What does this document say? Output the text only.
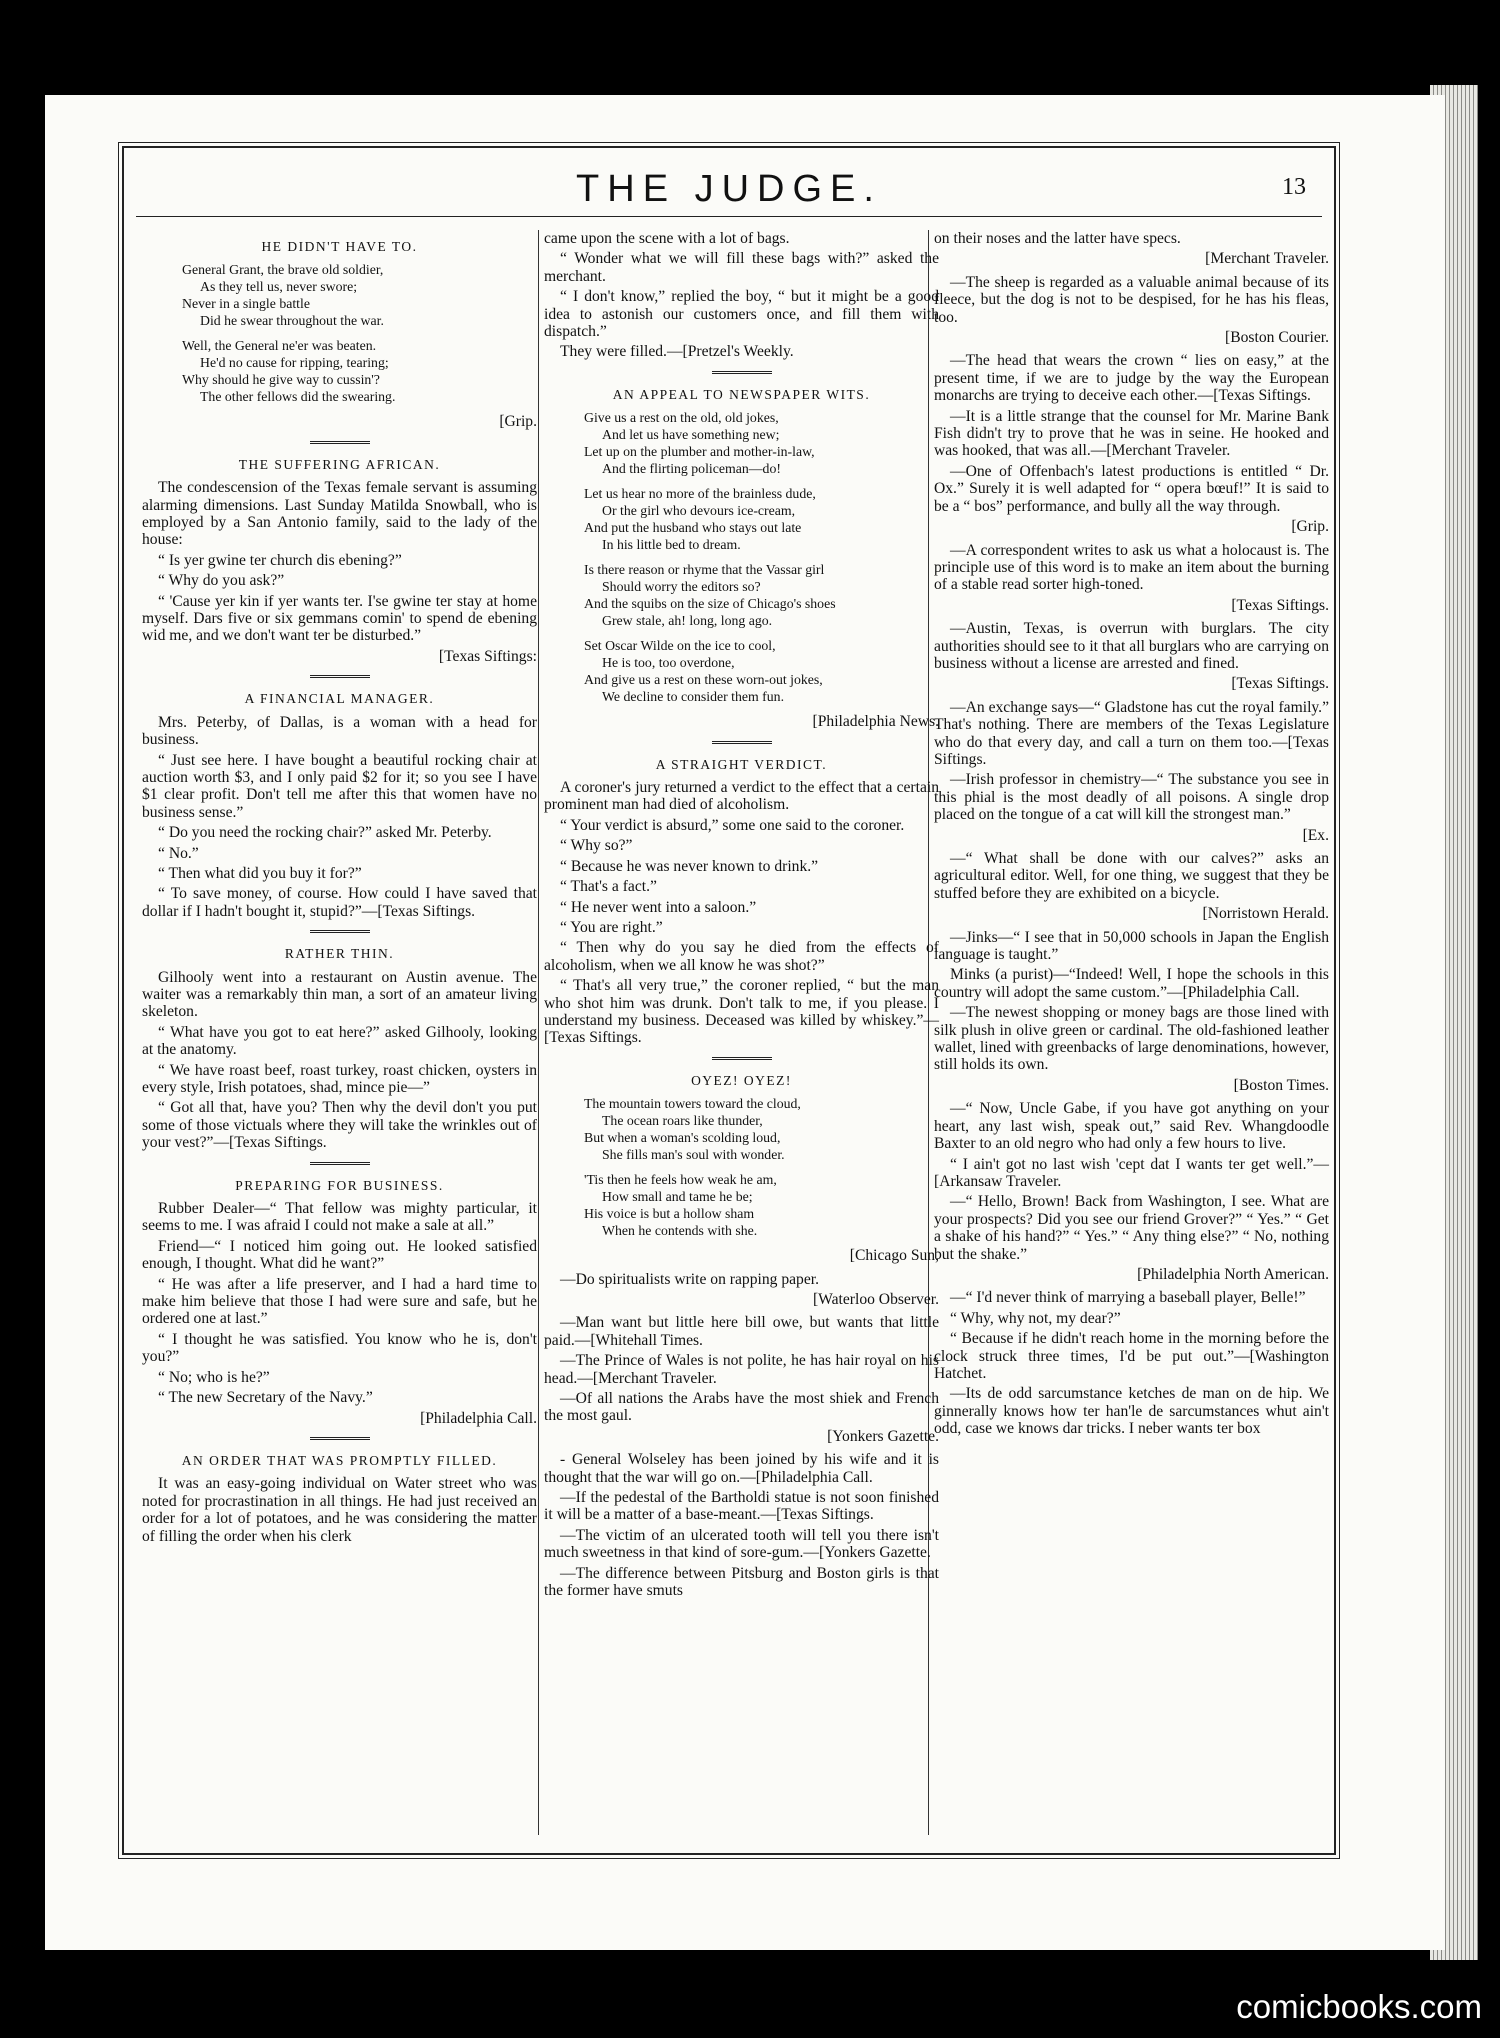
THE JUDGE.	13
HE DIDN'T HAVE TO.
General Grant, the brave old soldier,
As they tell us, never swore;
Never in a single battle
Did he swear throughout the war.
Well, the General ne'er was beaten.
He'd no cause for ripping, tearing;
Why should he give way to cussin'?
The other fellows did the swearing.
[Grip.
THE SUFFERING AFRICAN.

The condescension of the Texas female servant is assuming alarming dimensions. Last Sunday Matilda Snowball, who is employed by a San Antonio family, said to the lady of the house:

“ Is yer gwine ter church dis ebening?”

“ Why do you ask?”

“ 'Cause yer kin if yer wants ter. I'se gwine ter stay at home myself. Dars five or six gemmans comin' to spend de ebening wid me, and we don't want ter be disturbed.”

[Texas Siftings:
A FINANCIAL MANAGER.

Mrs. Peterby, of Dallas, is a woman with a head for business.

“ Just see here. I have bought a beautiful rocking chair at auction worth $3, and I only paid $2 for it; so you see I have $1 clear profit. Don't tell me after this that women have no business sense.”

“ Do you need the rocking chair?” asked Mr. Peterby.

“ No.”

“ Then what did you buy it for?”

“ To save money, of course. How could I have saved that dollar if I hadn't bought it, stupid?”—[Texas Siftings.

RATHER THIN.

Gilhooly went into a restaurant on Austin avenue. The waiter was a remarkably thin man, a sort of an amateur living skeleton.

“ What have you got to eat here?” asked Gilhooly, looking at the anatomy.

“ We have roast beef, roast turkey, roast chicken, oysters in every style, Irish potatoes, shad, mince pie—”

“ Got all that, have you? Then why the devil don't you put some of those victuals where they will take the wrinkles out of your vest?”—[Texas Siftings.

PREPARING FOR BUSINESS.

Rubber Dealer—“ That fellow was mighty particular, it seems to me. I was afraid I could not make a sale at all.”

Friend—“ I noticed him going out. He looked satisfied enough, I thought. What did he want?”

“ He was after a life preserver, and I had a hard time to make him believe that those I had were sure and safe, but he ordered one at last.”

“ I thought he was satisfied. You know who he is, don't you?”

“ No; who is he?”

“ The new Secretary of the Navy.”

[Philadelphia Call.
AN ORDER THAT WAS PROMPTLY FILLED.

It was an easy-going individual on Water street who was noted for procrastination in all things. He had just received an order for a lot of potatoes, and he was considering the matter of filling the order when his clerk

came upon the scene with a lot of bags.

“ Wonder what we will fill these bags with?” asked the merchant.

“ I don't know,” replied the boy, “ but it might be a good idea to astonish our customers once, and fill them with dispatch.”

They were filled.—[Pretzel's Weekly.

AN APPEAL TO NEWSPAPER WITS.
Give us a rest on the old, old jokes,
And let us have something new;
Let up on the plumber and mother-in-law,
And the flirting policeman—do!
Let us hear no more of the brainless dude,
Or the girl who devours ice-cream,
And put the husband who stays out late
In his little bed to dream.
Is there reason or rhyme that the Vassar girl
Should worry the editors so?
And the squibs on the size of Chicago's shoes
Grew stale, ah! long, long ago.
Set Oscar Wilde on the ice to cool,
He is too, too overdone,
And give us a rest on these worn-out jokes,
We decline to consider them fun.
[Philadelphia News.
A STRAIGHT VERDICT.

A coroner's jury returned a verdict to the effect that a certain prominent man had died of alcoholism.

“ Your verdict is absurd,” some one said to the coroner.

“ Why so?”

“ Because he was never known to drink.”

“ That's a fact.”

“ He never went into a saloon.”

“ You are right.”

“ Then why do you say he died from the effects of alcoholism, when we all know he was shot?”

“ That's all very true,” the coroner replied, “ but the man who shot him was drunk. Don't talk to me, if you please. I understand my business. Deceased was killed by whiskey.”—[Texas Siftings.

OYEZ! OYEZ!
The mountain towers toward the cloud,
The ocean roars like thunder,
But when a woman's scolding loud,
She fills man's soul with wonder.
'Tis then he feels how weak he am,
How small and tame he be;
His voice is but a hollow sham
When he contends with she.
[Chicago Sun,

—Do spiritualists write on rapping paper.

[Waterloo Observer.

—Man want but little here bill owe, but wants that little paid.—[Whitehall Times.

—The Prince of Wales is not polite, he has hair royal on his head.—[Merchant Traveler.

—Of all nations the Arabs have the most shiek and French the most gaul.

[Yonkers Gazette.

- General Wolseley has been joined by his wife and it is thought that the war will go on.—[Philadelphia Call.

—If the pedestal of the Bartholdi statue is not soon finished it will be a matter of a base-meant.—[Texas Siftings.

—The victim of an ulcerated tooth will tell you there isn't much sweetness in that kind of sore-gum.—[Yonkers Gazette.

—The difference between Pitsburg and Boston girls is that the former have smuts

on their noses and the latter have specs.

[Merchant Traveler.

—The sheep is regarded as a valuable animal because of its fleece, but the dog is not to be despised, for he has his fleas, too.

[Boston Courier.

—The head that wears the crown “ lies on easy,” at the present time, if we are to judge by the way the European monarchs are trying to deceive each other.—[Texas Siftings.

—It is a little strange that the counsel for Mr. Marine Bank Fish didn't try to prove that he was in seine. He hooked and was hooked, that was all.—[Merchant Traveler.

—One of Offenbach's latest productions is entitled “ Dr. Ox.” Surely it is well adapted for “ opera bœuf!” It is said to be a “ bos” performance, and bully all the way through.

[Grip.

—A correspondent writes to ask us what a holocaust is. The principle use of this word is to make an item about the burning of a stable read sorter high-toned.

[Texas Siftings.

—Austin, Texas, is overrun with burglars. The city authorities should see to it that all burglars who are carrying on business without a license are arrested and fined.

[Texas Siftings.

—An exchange says—“ Gladstone has cut the royal family.” That's nothing. There are members of the Texas Legislature who do that every day, and call a turn on them too.—[Texas Siftings.

—Irish professor in chemistry—“ The substance you see in this phial is the most deadly of all poisons. A single drop placed on the tongue of a cat will kill the strongest man.”

[Ex.

—“ What shall be done with our calves?” asks an agricultural editor. Well, for one thing, we suggest that they be stuffed before they are exhibited on a bicycle.

[Norristown Herald.

—Jinks—“ I see that in 50,000 schools in Japan the English language is taught.”

Minks (a purist)—“Indeed! Well, I hope the schools in this country will adopt the same custom.”—[Philadelphia Call.

—The newest shopping or money bags are those lined with silk plush in olive green or cardinal. The old-fashioned leather wallet, lined with greenbacks of large denominations, however, still holds its own.

[Boston Times.

—“ Now, Uncle Gabe, if you have got anything on your heart, any last wish, speak out,” said Rev. Whangdoodle Baxter to an old negro who had only a few hours to live.

“ I ain't got no last wish 'cept dat I wants ter get well.”—[Arkansaw Traveler.

—“ Hello, Brown! Back from Washington, I see. What are your prospects? Did you see our friend Grover?” “ Yes.” “ Get a shake of his hand?” “ Yes.” “ Any thing else?” “ No, nothing but the shake.”

[Philadelphia North American.

—“ I'd never think of marrying a baseball player, Belle!”

“ Why, why not, my dear?”

“ Because if he didn't reach home in the morning before the clock struck three times, I'd be put out.”—[Washington Hatchet.

—Its de odd sarcumstance ketches de man on de hip. We ginnerally knows how ter han'le de sarcumstances whut ain't odd, case we knows dar tricks. I neber wants ter box

comicbooks.com
